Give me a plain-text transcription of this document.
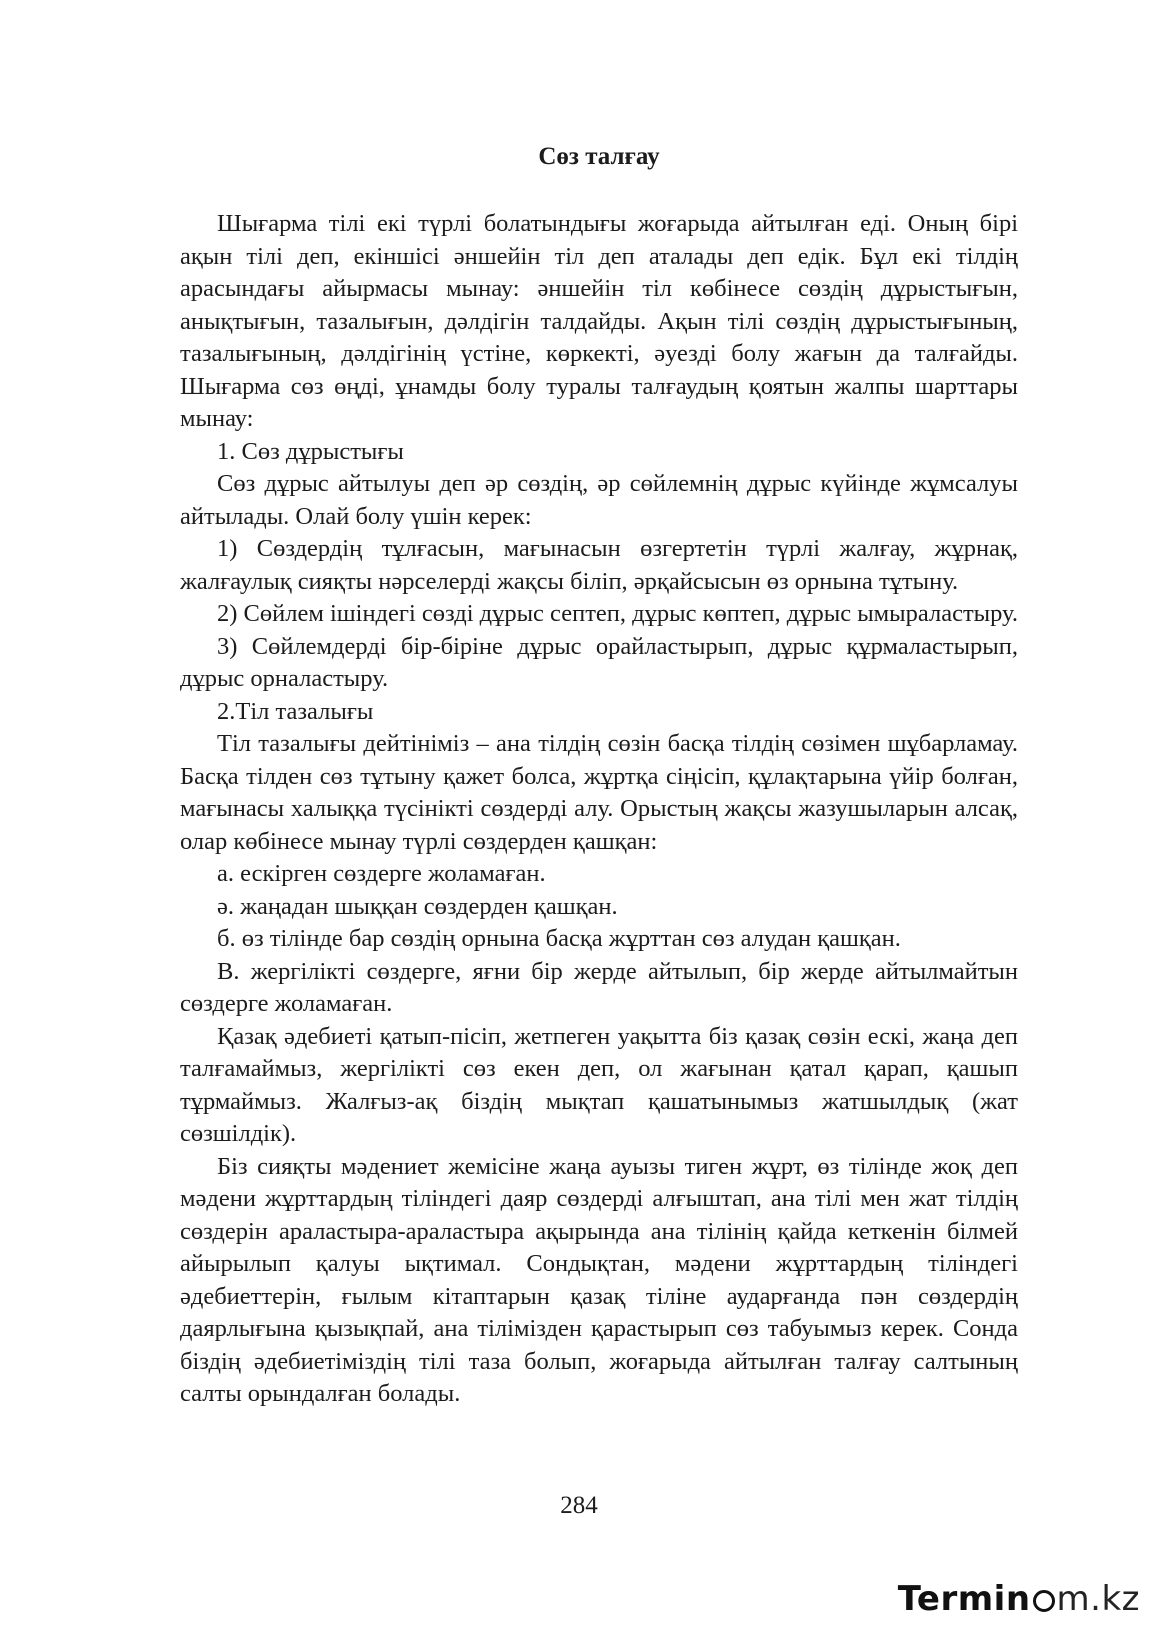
Сөз талғау

Шығарма тілі екі түрлі болатындығы жоғарыда айтылған еді. Оның бірі ақын тілі деп, екіншісі әншейін тіл деп аталады деп едік. Бұл екі тілдің арасындағы айырмасы мынау: әншейін тіл көбінесе сөздің дұрыстығын, анықтығын, тазалығын, дәлдігін талдайды. Ақын тілі сөздің дұрыстығының, тазалығының, дәлдігінің үстіне, көркекті, әуезді болу жағын да талғайды. Шығарма сөз өңді, ұнамды болу туралы талғаудың қоятын жалпы шарттары мынау:

1. Сөз дұрыстығы

Сөз дұрыс айтылуы деп әр сөздің, әр сөйлемнің дұрыс күйінде жұмсалуы айтылады. Олай болу үшін керек:

1) Сөздердің тұлғасын, мағынасын өзгертетін түрлі жалғау, жұрнақ, жалғаулық сияқты нәрселерді жақсы біліп, әрқайсысын өз орнына тұтыну.

2) Сөйлем ішіндегі сөзді дұрыс септеп, дұрыс көптеп, дұрыс ымыраластыру.

3) Сөйлемдерді бір-біріне дұрыс орайластырып, дұрыс құрмаластырып, дұрыс орналастыру.

2.Тіл тазалығы

Тіл тазалығы дейтініміз – ана тілдің сөзін басқа тілдің сөзімен шұбарламау. Басқа тілден сөз тұтыну қажет болса, жұртқа сіңісіп, құлақтарына үйір болған, мағынасы халыққа түсінікті сөздерді алу. Орыстың жақсы жазушыларын алсақ, олар көбінесе мынау түрлі сөздерден қашқан:

а. ескірген сөздерге жоламаған.

ә. жаңадан шыққан сөздерден қашқан.

б. өз тілінде бар сөздің орнына басқа жұрттан сөз алудан қашқан.

В. жергілікті сөздерге, яғни бір жерде айтылып, бір жерде айтылмайтын сөздерге жоламаған.

Қазақ әдебиеті қатып-пісіп, жетпеген уақытта біз қазақ сөзін ескі, жаңа деп талғамаймыз, жергілікті сөз екен деп, ол жағынан қатал қарап, қашып тұрмаймыз. Жалғыз-ақ біздің мықтап қашатынымыз жатшылдық (жат сөзшілдік).

Біз сияқты мәдениет жемісіне жаңа ауызы тиген жұрт, өз тілінде жоқ деп мәдени жұрттардың тіліндегі даяр сөздерді алғыштап, ана тілі мен жат тілдің сөздерін араластыра-араластыра ақырында ана тілінің қайда кеткенін білмей айырылып қалуы ықтимал. Сондықтан, мәдени жұрттардың тіліндегі әдебиеттерін, ғылым кітаптарын қазақ тіліне аударғанда пән сөздердің даярлығына қызықпай, ана тілімізден қарастырып сөз табуымыз керек. Сонда біздің әдебиетіміздің тілі таза болып, жоғарыда айтылған талғау салтының салты орындалған болады.

284
Termin m.kz
